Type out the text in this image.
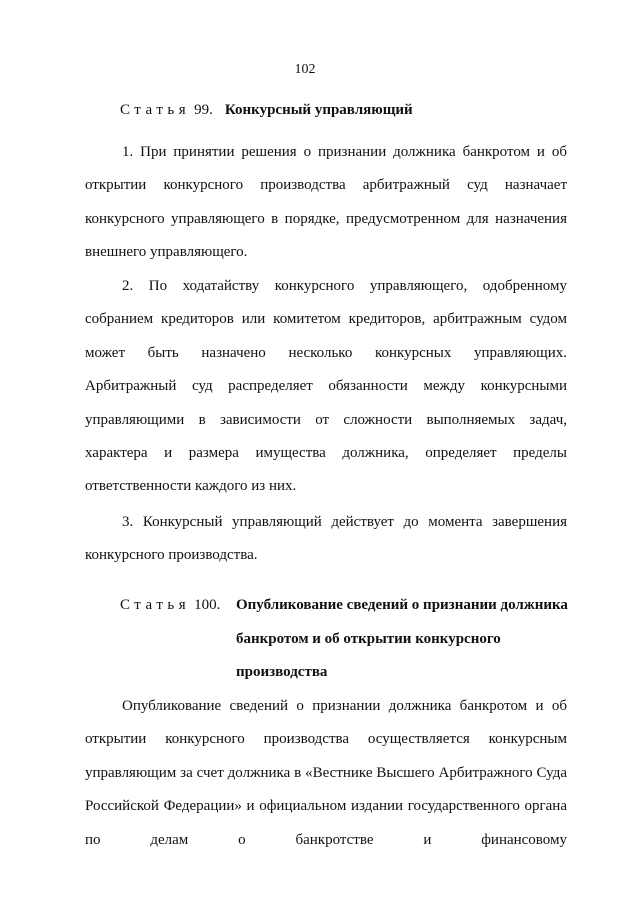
102
Статья 99. Конкурсный управляющий

1. При принятии решения о признании должника банкротом и об открытии конкурсного производства арбитражный суд назначает конкурсного управляющего в порядке, предусмотренном для назначения внешнего управляющего.

2. По ходатайству конкурсного управляющего, одобренному собранием кредиторов или комитетом кредиторов, арбитражным судом может быть назначено несколько конкурсных управляющих. Арбитражный суд распределяет обязанности между конкурсными управляющими в зависимости от сложности выполняемых задач, характера и размера имущества должника, определяет пределы ответственности каждого из них.

3. Конкурсный управляющий действует до момента завершения конкурсного производства.

Статья 100. Опубликование сведений о признании должника банкротом и об открытии конкурсного производства

Опубликование сведений о признании должника банкротом и об открытии конкурсного производства осуществляется конкурсным управляющим за счет должника в «Вестнике Высшего Арбитражного Суда Российской Федерации» и официальном издании государственного органа по делам о банкротстве и финансовому
